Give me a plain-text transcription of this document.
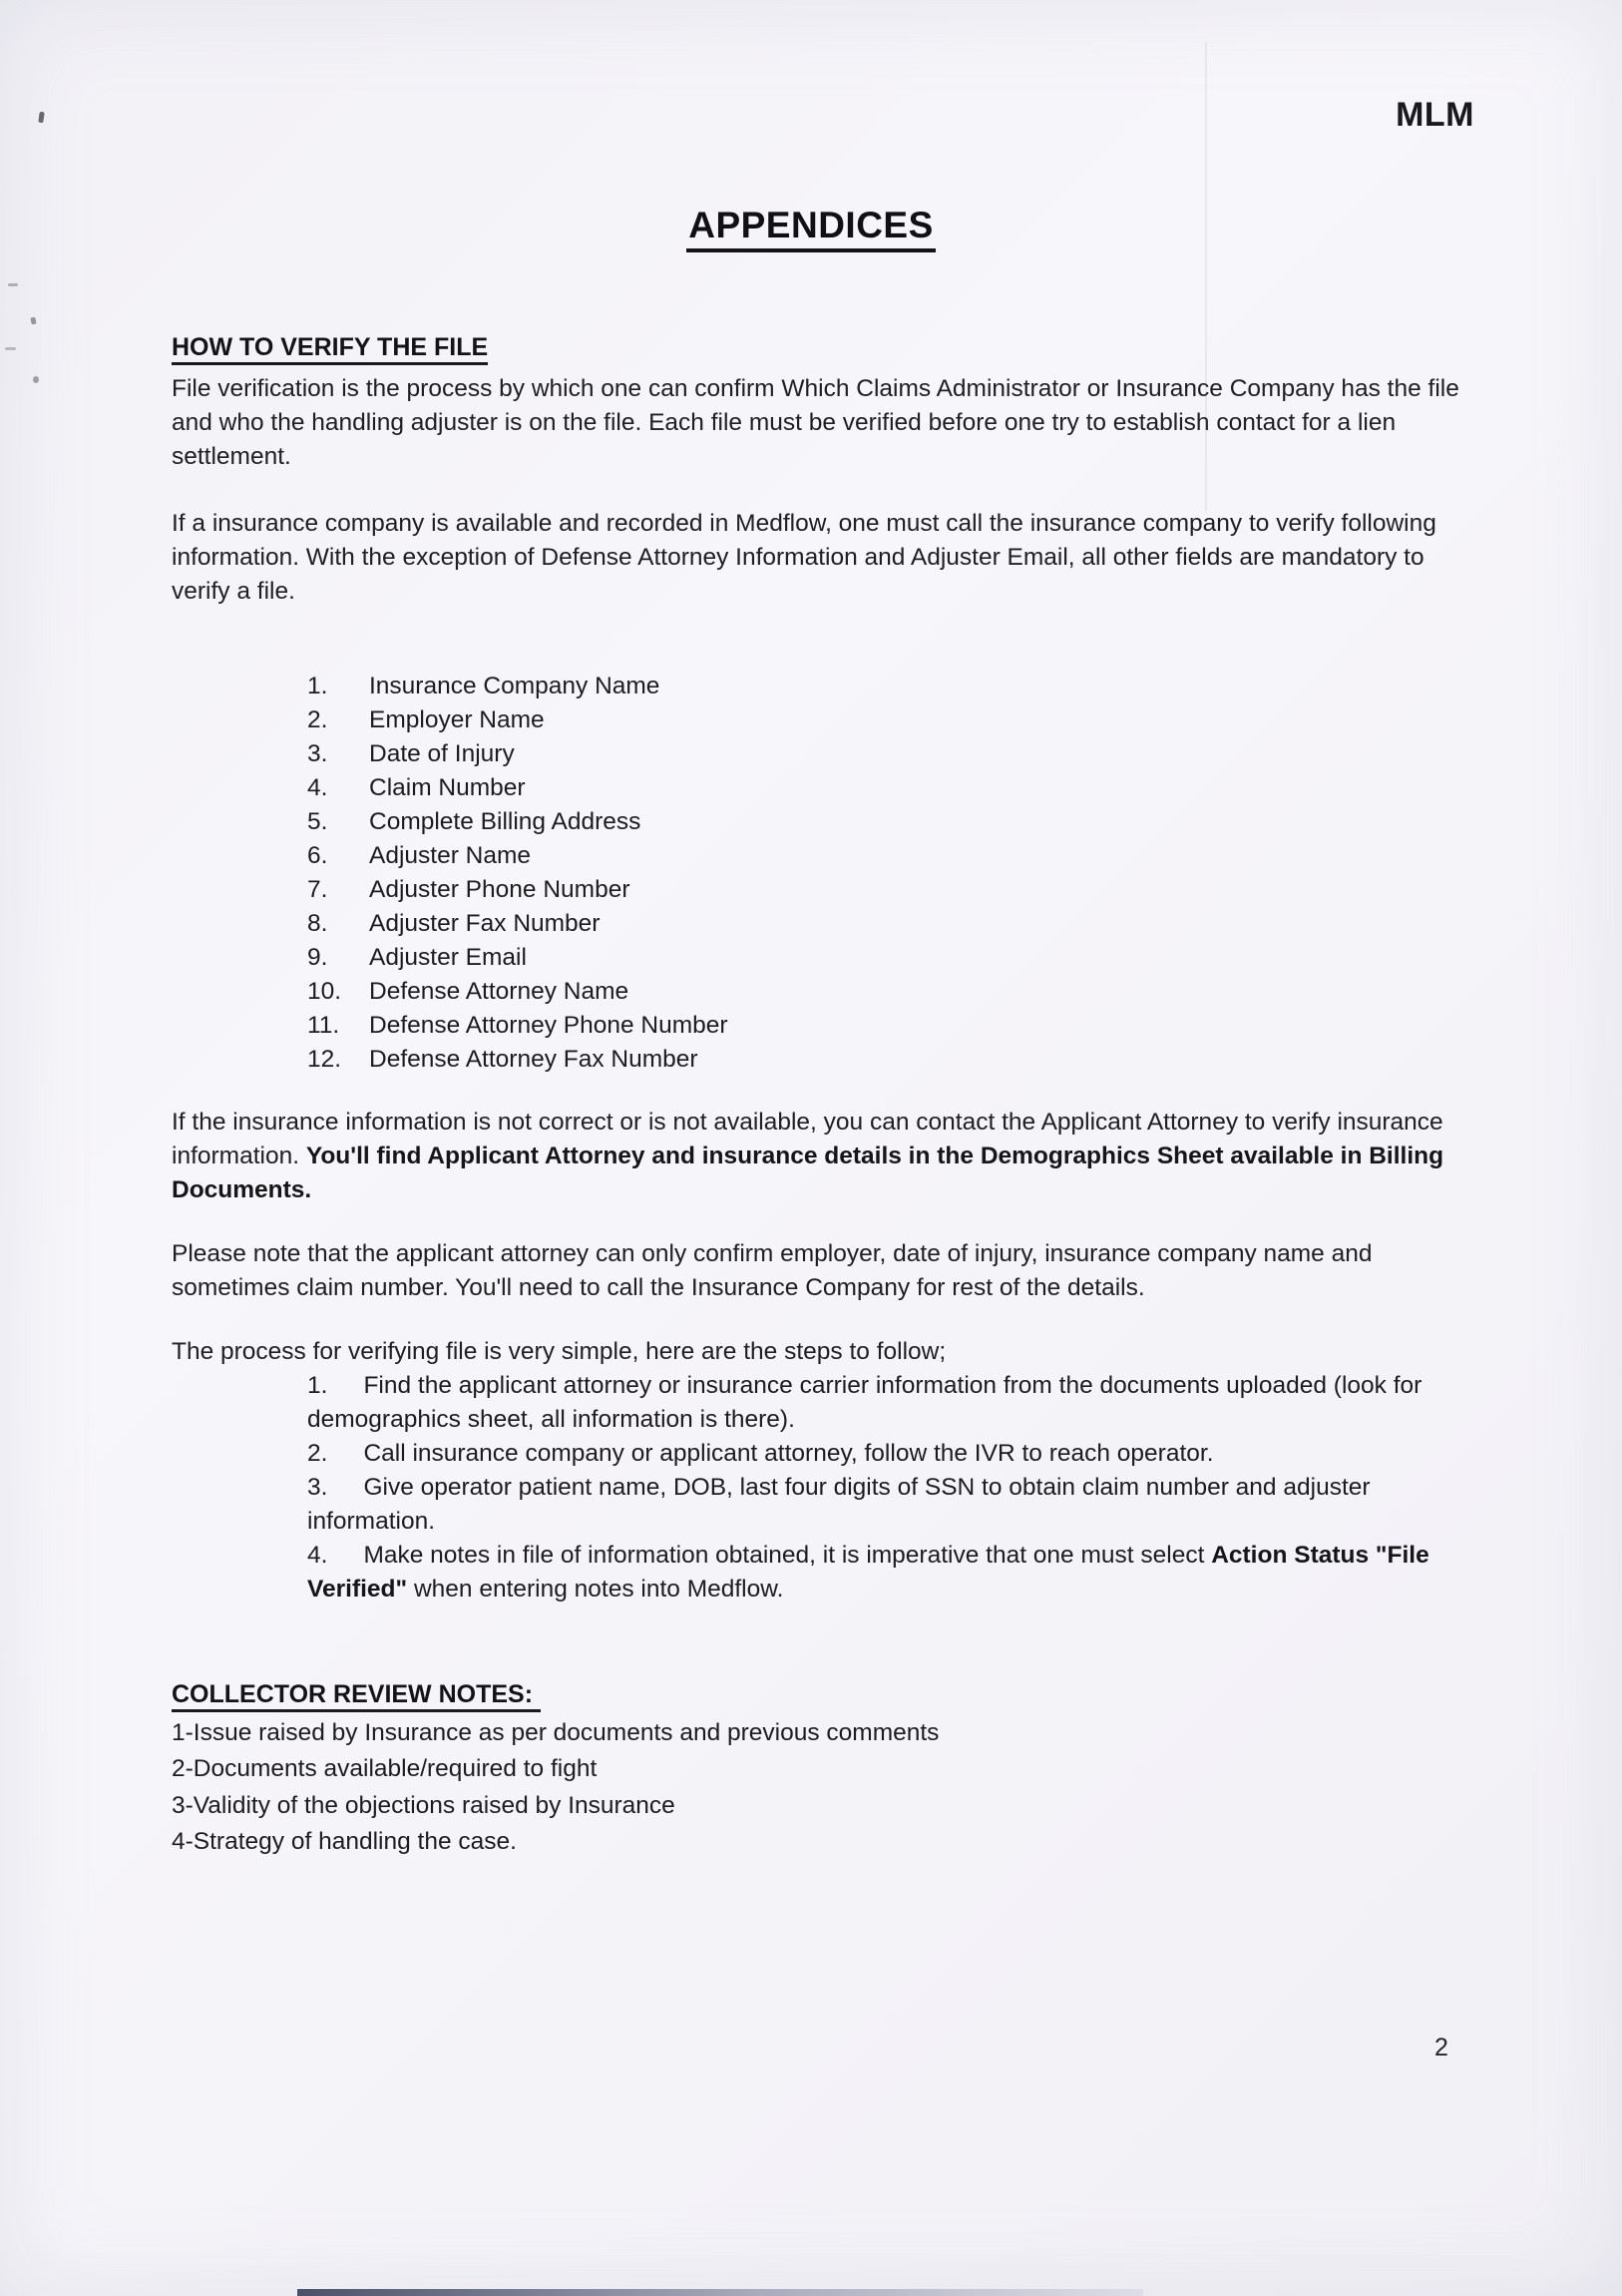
MLM
APPENDICES
HOW TO VERIFY THE FILE

File verification is the process by which one can confirm Which Claims Administrator or Insurance Company has the file and who the handling adjuster is on the file. Each file must be verified before one try to establish contact for a lien settlement.

If a insurance company is available and recorded in Medflow, one must call the insurance company to verify following information. With the exception of Defense Attorney Information and Adjuster Email, all other fields are mandatory to verify a file.

1. Insurance Company Name
2. Employer Name
3. Date of Injury
4. Claim Number
5. Complete Billing Address
6. Adjuster Name
7. Adjuster Phone Number
8. Adjuster Fax Number
9. Adjuster Email
10. Defense Attorney Name
11. Defense Attorney Phone Number
12. Defense Attorney Fax Number

If the insurance information is not correct or is not available, you can contact the Applicant Attorney to verify insurance information. You'll find Applicant Attorney and insurance details in the Demographics Sheet available in Billing Documents.

Please note that the applicant attorney can only confirm employer, date of injury, insurance company name and sometimes claim number. You'll need to call the Insurance Company for rest of the details.

The process for verifying file is very simple, here are the steps to follow;

1. Find the applicant attorney or insurance carrier information from the documents uploaded (look for demographics sheet, all information is there).
2. Call insurance company or applicant attorney, follow the IVR to reach operator.
3. Give operator patient name, DOB, last four digits of SSN to obtain claim number and adjuster information.
4. Make notes in file of information obtained, it is imperative that one must select Action Status "File Verified" when entering notes into Medflow.
COLLECTOR REVIEW NOTES:
1-Issue raised by Insurance as per documents and previous comments
2-Documents available/required to fight
3-Validity of the objections raised by Insurance
4-Strategy of handling the case.
2
